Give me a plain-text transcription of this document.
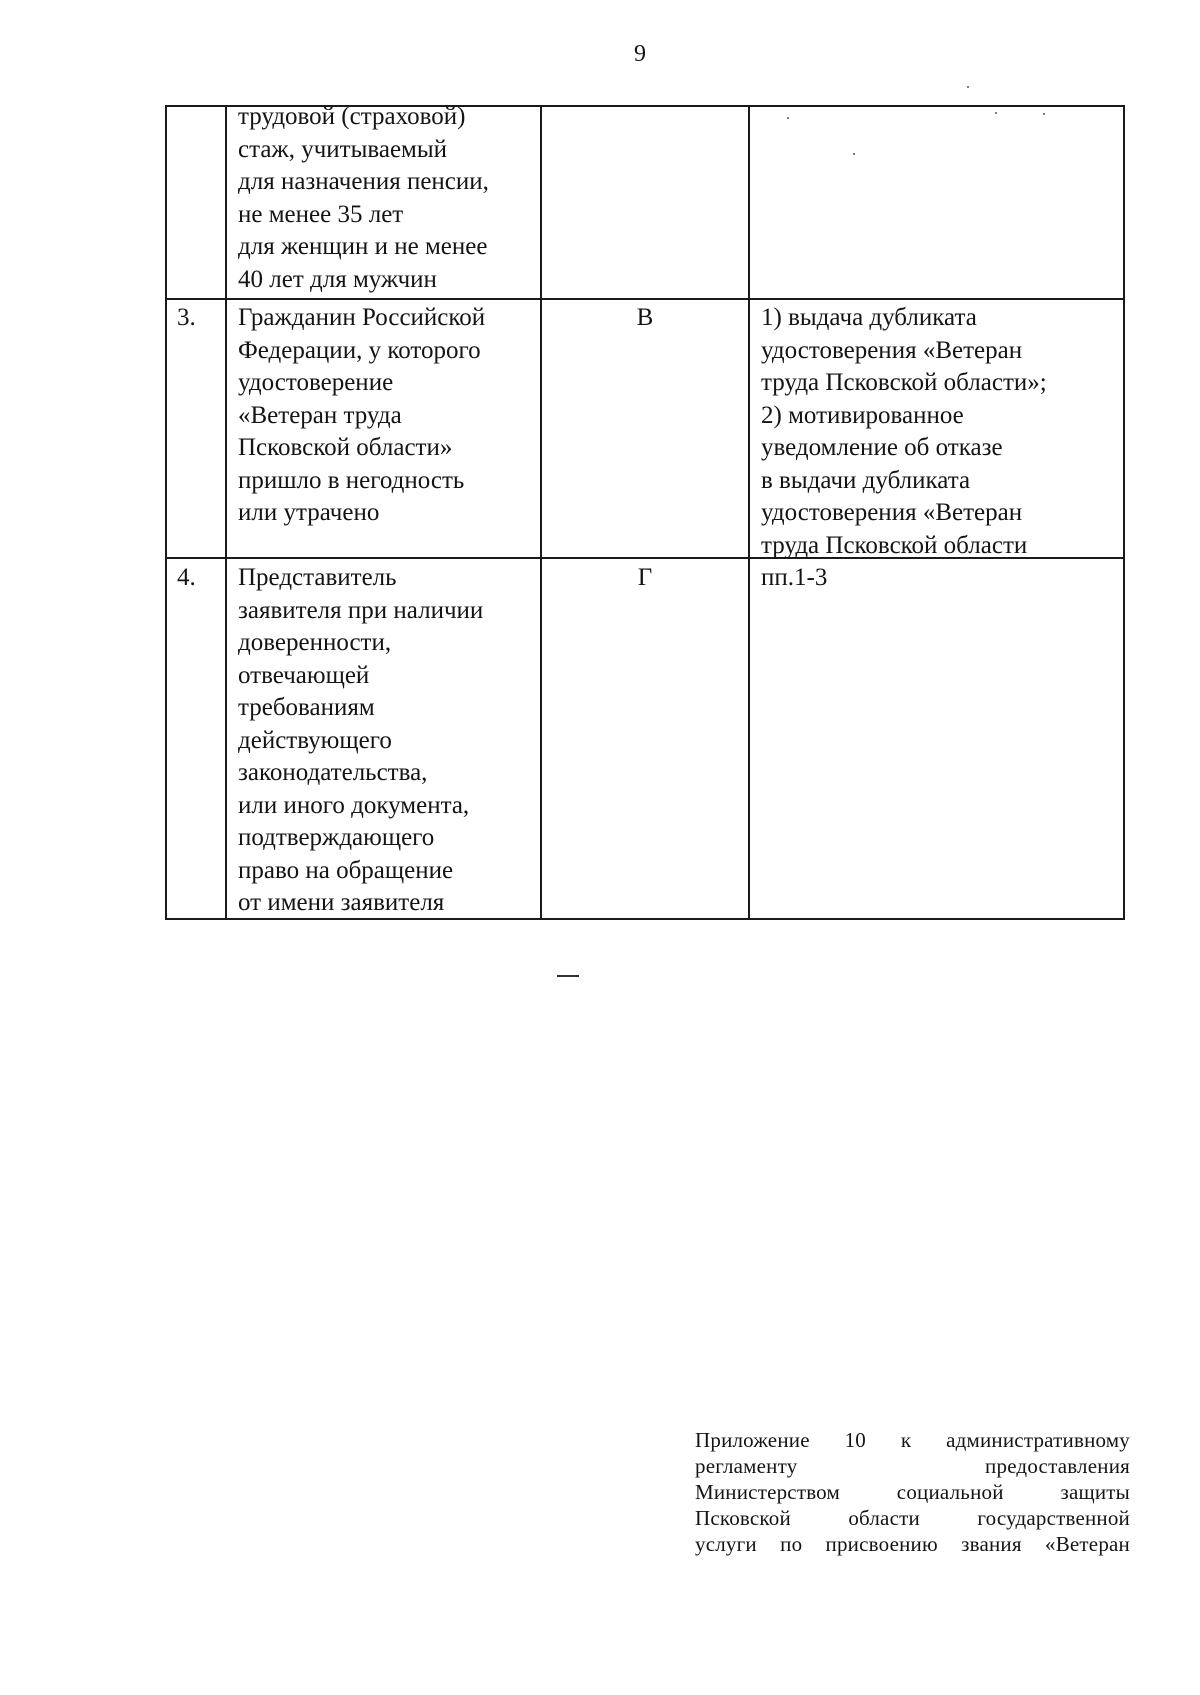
9
трудовой (страховой)
стаж, учитываемый
для назначения пенсии,
не менее 35 лет
для женщин и не менее
40 лет для мужчин
3. Гражданин Российской
Федерации, у которого
удостоверение
«Ветеран труда
Псковской области»
пришло в негодность
или утрачено
В	1) выдача дубликата
удостоверения «Ветеран
труда Псковской области»;
2) мотивированное
уведомление об отказе
в выдачи дубликата
удостоверения «Ветеран
труда Псковской области
4. Представитель
заявителя при наличии
доверенности,
отвечающей
требованиям
действующего
законодательства,
или иного документа,
подтверждающего
право на обращение
от имени заявителя
Г	пп.1-3
Приложение 10 к административному
регламенту предоставления
Министерством социальной защиты
Псковской области государственной
услуги по присвоению звания «Ветеран
